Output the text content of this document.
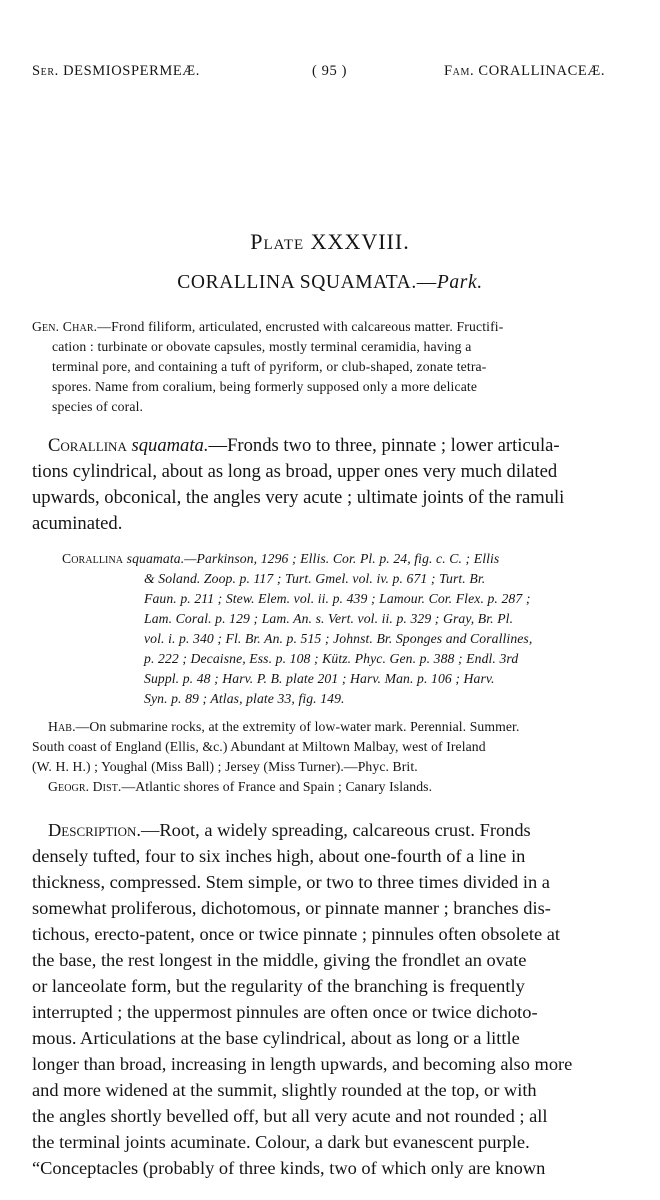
Ser. DESMIOSPERMEÆ.	( 95 )	Fam. CORALLINACEÆ.
Plate XXXVIII.
CORALLINA SQUAMATA.—Park.
Gen. Char.—Frond filiform, articulated, encrusted with calcareous matter. Fructifi-
cation : turbinate or obovate capsules, mostly terminal ceramidia, having a
terminal pore, and containing a tuft of pyriform, or club-shaped, zonate tetra-
spores. Name from coralium, being formerly supposed only a more delicate
species of coral.
Corallina squamata.—Fronds two to three, pinnate ; lower articula-
tions cylindrical, about as long as broad, upper ones very much dilated
upwards, obconical, the angles very acute ; ultimate joints of the ramuli
acuminated.
Corallina squamata.—Parkinson, 1296 ; Ellis. Cor. Pl. p. 24, fig. c. C. ; Ellis
& Soland. Zoop. p. 117 ; Turt. Gmel. vol. iv. p. 671 ; Turt. Br.
Faun. p. 211 ; Stew. Elem. vol. ii. p. 439 ; Lamour. Cor. Flex. p. 287 ;
Lam. Coral. p. 129 ; Lam. An. s. Vert. vol. ii. p. 329 ; Gray, Br. Pl.
vol. i. p. 340 ; Fl. Br. An. p. 515 ; Johnst. Br. Sponges and Corallines,
p. 222 ; Decaisne, Ess. p. 108 ; Kütz. Phyc. Gen. p. 388 ; Endl. 3rd
Suppl. p. 48 ; Harv. P. B. plate 201 ; Harv. Man. p. 106 ; Harv.
Syn. p. 89 ; Atlas, plate 33, fig. 149.
Hab.—On submarine rocks, at the extremity of low-water mark. Perennial. Summer.
South coast of England (Ellis, &c.) Abundant at Miltown Malbay, west of Ireland
(W. H. H.) ; Youghal (Miss Ball) ; Jersey (Miss Turner).—Phyc. Brit.
Geogr. Dist.—Atlantic shores of France and Spain ; Canary Islands.
Description.—Root, a widely spreading, calcareous crust. Fronds
densely tufted, four to six inches high, about one-fourth of a line in
thickness, compressed. Stem simple, or two to three times divided in a
somewhat proliferous, dichotomous, or pinnate manner ; branches dis-
tichous, erecto-patent, once or twice pinnate ; pinnules often obsolete at
the base, the rest longest in the middle, giving the frondlet an ovate
or lanceolate form, but the regularity of the branching is frequently
interrupted ; the uppermost pinnules are often once or twice dichoto-
mous. Articulations at the base cylindrical, about as long or a little
longer than broad, increasing in length upwards, and becoming also more
and more widened at the summit, slightly rounded at the top, or with
the angles shortly bevelled off, but all very acute and not rounded ; all
the terminal joints acuminate. Colour, a dark but evanescent purple.
“Conceptacles (probably of three kinds, two of which only are known
